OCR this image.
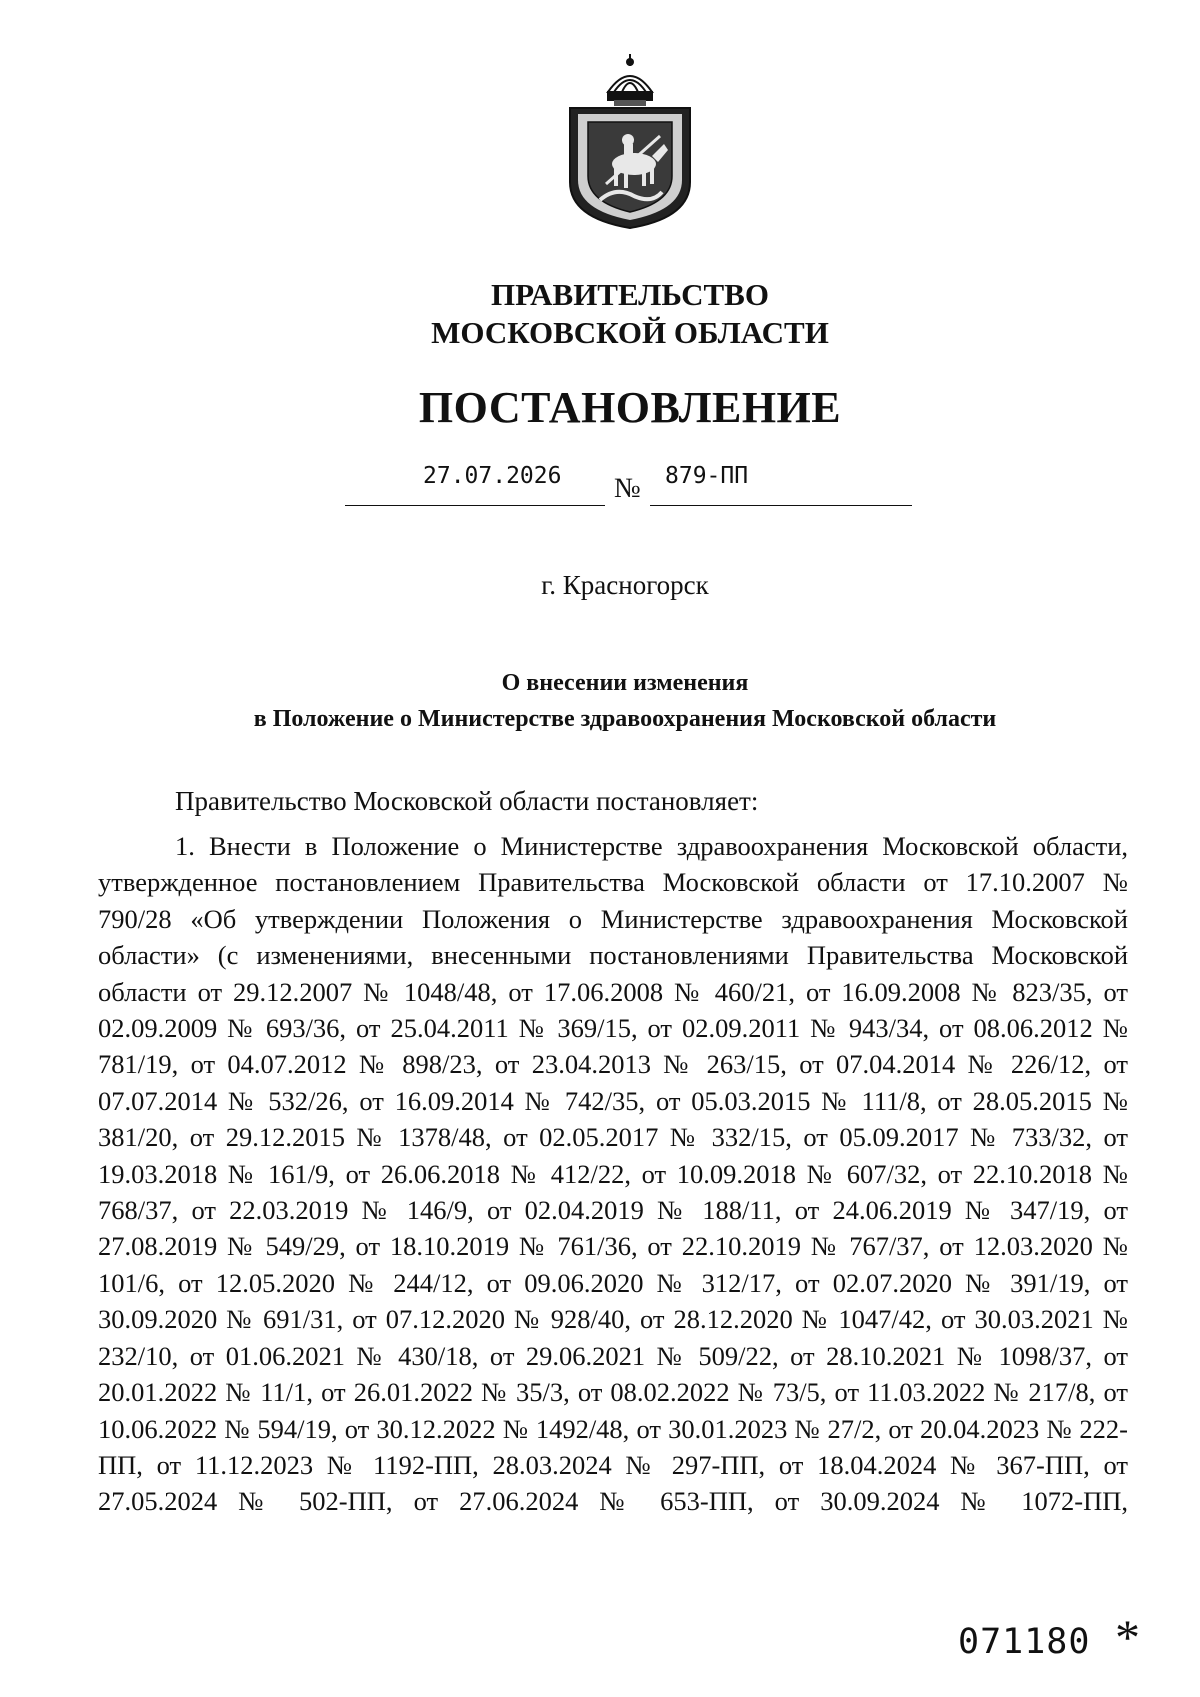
ПРАВИТЕЛЬСТВО
МОСКОВСКОЙ ОБЛАСТИ
ПОСТАНОВЛЕНИЕ
27.07.2026 № 879-ПП
г. Красногорск
О внесении изменения
в Положение о Министерстве здравоохранения Московской области
Правительство Московской области постановляет:

1. Внести в Положение о Министерстве здравоохранения Московской области, утвержденное постановлением Правительства Московской области от 17.10.2007 № 790/28 «Об утверждении Положения о Министерстве здравоохранения Московской области» (с изменениями, внесенными постановлениями Правительства Московской области от 29.12.2007 № 1048/48, от 17.06.2008 № 460/21, от 16.09.2008 № 823/35, от 02.09.2009 № 693/36, от 25.04.2011 № 369/15, от 02.09.2011 № 943/34, от 08.06.2012 № 781/19, от 04.07.2012 № 898/23, от 23.04.2013 № 263/15, от 07.04.2014 № 226/12, от 07.07.2014 № 532/26, от 16.09.2014 № 742/35, от 05.03.2015 № 111/8, от 28.05.2015 № 381/20, от 29.12.2015 № 1378/48, от 02.05.2017 № 332/15, от 05.09.2017 № 733/32, от 19.03.2018 № 161/9, от 26.06.2018 № 412/22, от 10.09.2018 № 607/32, от 22.10.2018 № 768/37, от 22.03.2019 № 146/9, от 02.04.2019 № 188/11, от 24.06.2019 № 347/19, от 27.08.2019 № 549/29, от 18.10.2019 № 761/36, от 22.10.2019 № 767/37, от 12.03.2020 № 101/6, от 12.05.2020 № 244/12, от 09.06.2020 № 312/17, от 02.07.2020 № 391/19, от 30.09.2020 № 691/31, от 07.12.2020 № 928/40, от 28.12.2020 № 1047/42, от 30.03.2021 № 232/10, от 01.06.2021 № 430/18, от 29.06.2021 № 509/22, от 28.10.2021 № 1098/37, от 20.01.2022 № 11/1, от 26.01.2022 № 35/3, от 08.02.2022 № 73/5, от 11.03.2022 № 217/8, от 10.06.2022 № 594/19, от 30.12.2022 № 1492/48, от 30.01.2023 № 27/2, от 20.04.2023 № 222-ПП, от 11.12.2023 № 1192-ПП, 28.03.2024 № 297-ПП, от 18.04.2024 № 367-ПП, от 27.05.2024 № 502-ПП, от 27.06.2024 № 653-ПП, от 30.09.2024 № 1072-ПП,

071180 *
